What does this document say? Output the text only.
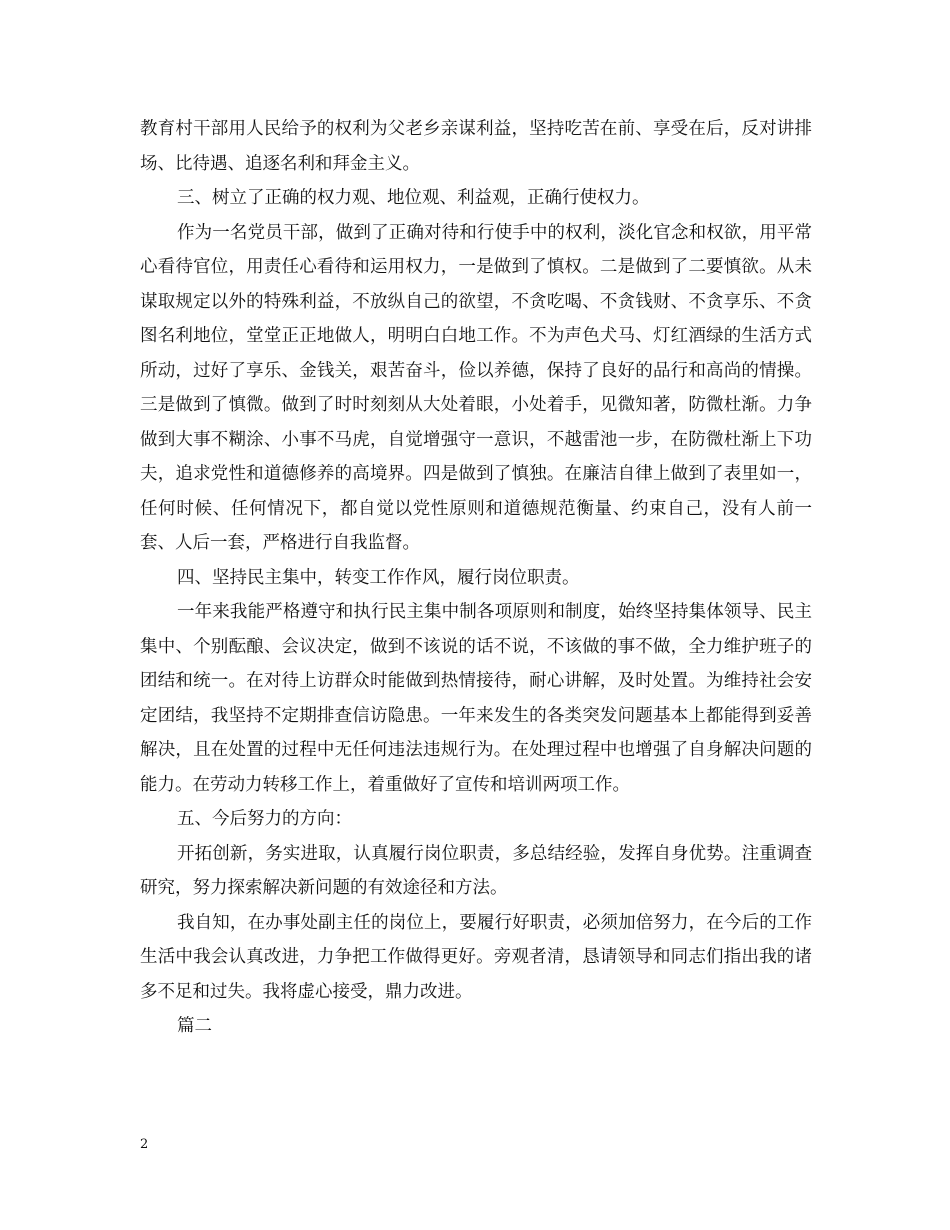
教育村干部用人民给予的权利为父老乡亲谋利益，坚持吃苦在前、享受在后，反对讲排场、比待遇、追逐名利和拜金主义。

三、树立了正确的权力观、地位观、利益观，正确行使权力。

作为一名党员干部，做到了正确对待和行使手中的权利，淡化官念和权欲，用平常心看待官位，用责任心看待和运用权力，一是做到了慎权。二是做到了二要慎欲。从未谋取规定以外的特殊利益，不放纵自己的欲望，不贪吃喝、不贪钱财、不贪享乐、不贪图名利地位，堂堂正正地做人，明明白白地工作。不为声色犬马、灯红酒绿的生活方式所动，过好了享乐、金钱关，艰苦奋斗，俭以养德，保持了良好的品行和高尚的情操。三是做到了慎微。做到了时时刻刻从大处着眼，小处着手，见微知著，防微杜渐。力争做到大事不糊涂、小事不马虎，自觉增强守一意识，不越雷池一步，在防微杜渐上下功夫，追求党性和道德修养的高境界。四是做到了慎独。在廉洁自律上做到了表里如一，任何时候、任何情况下，都自觉以党性原则和道德规范衡量、约束自己，没有人前一套、人后一套，严格进行自我监督。

四、坚持民主集中，转变工作作风，履行岗位职责。

一年来我能严格遵守和执行民主集中制各项原则和制度，始终坚持集体领导、民主集中、个别酝酿、会议决定，做到不该说的话不说，不该做的事不做，全力维护班子的团结和统一。在对待上访群众时能做到热情接待，耐心讲解，及时处置。为维持社会安定团结，我坚持不定期排查信访隐患。一年来发生的各类突发问题基本上都能得到妥善解决，且在处置的过程中无任何违法违规行为。在处理过程中也增强了自身解决问题的能力。在劳动力转移工作上，着重做好了宣传和培训两项工作。

五、今后努力的方向：

开拓创新，务实进取，认真履行岗位职责，多总结经验，发挥自身优势。注重调查研究，努力探索解决新问题的有效途径和方法。

我自知，在办事处副主任的岗位上，要履行好职责，必须加倍努力，在今后的工作生活中我会认真改进，力争把工作做得更好。旁观者清，恳请领导和同志们指出我的诸多不足和过失。我将虚心接受，鼎力改进。

篇二

2
